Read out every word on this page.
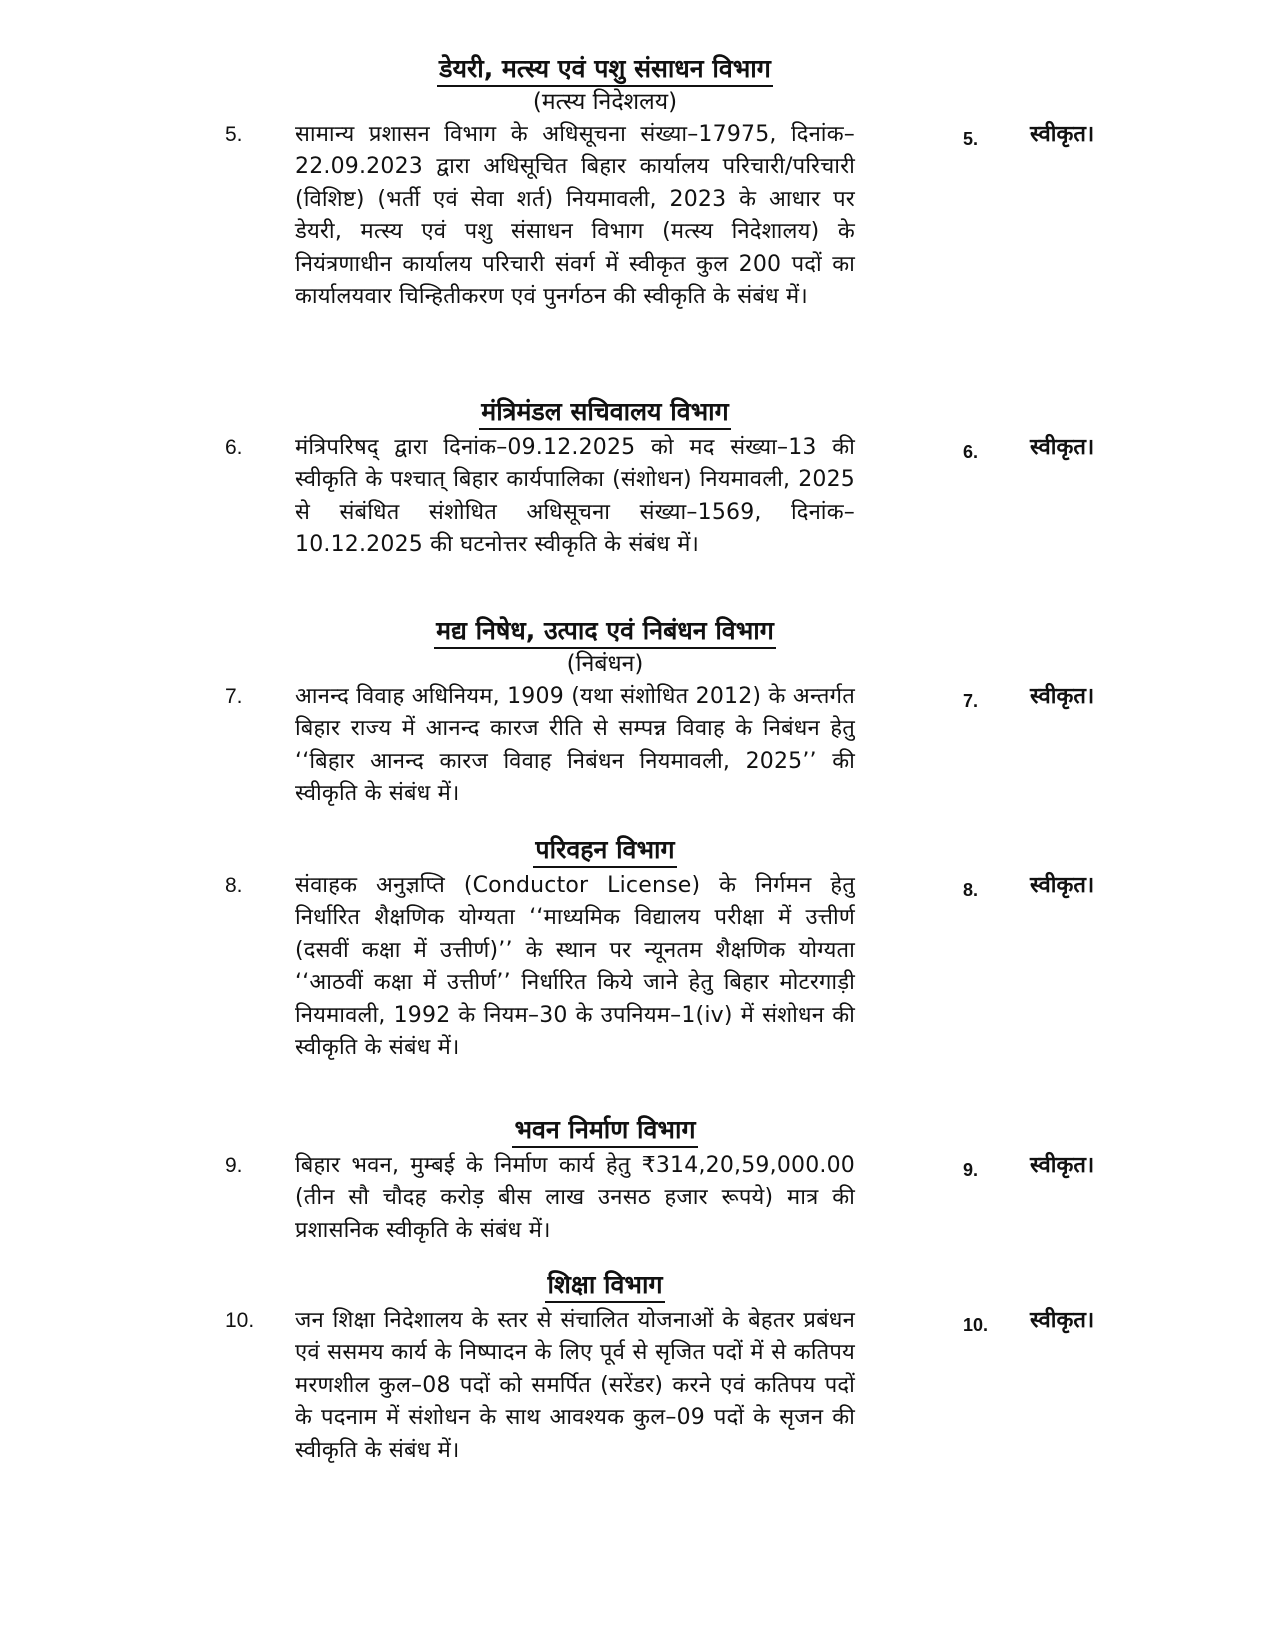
डेयरी, मत्स्य एवं पशु संसाधन विभाग
(मत्स्य निदेशलय)
5.	सामान्य प्रशासन विभाग के अधिसूचना संख्या–17975, दिनांक–22.09.2023 द्वारा अधिसूचित बिहार कार्यालय परिचारी/परिचारी (विशिष्ट) (भर्ती एवं सेवा शर्त) नियमावली, 2023 के आधार पर डेयरी, मत्स्य एवं पशु संसाधन विभाग (मत्स्य निदेशालय) के नियंत्रणाधीन कार्यालय परिचारी संवर्ग में स्वीकृत कुल 200 पदों का कार्यालयवार चिन्हितीकरण एवं पुनर्गठन की स्वीकृति के संबंध में।
5. स्वीकृत।
मंत्रिमंडल सचिवालय विभाग
6.	मंत्रिपरिषद् द्वारा दिनांक–09.12.2025 को मद संख्या–13 की स्वीकृति के पश्चात् बिहार कार्यपालिका (संशोधन) नियमावली, 2025 से संबंधित संशोधित अधिसूचना संख्या–1569, दिनांक–10.12.2025 की घटनोत्तर स्वीकृति के संबंध में।
6. स्वीकृत।
मद्य निषेध, उत्पाद एवं निबंधन विभाग
(निबंधन)
7.	आनन्द विवाह अधिनियम, 1909 (यथा संशोधित 2012) के अन्तर्गत बिहार राज्य में आनन्द कारज रीति से सम्पन्न विवाह के निबंधन हेतु ‘‘बिहार आनन्द कारज विवाह निबंधन नियमावली, 2025’’ की स्वीकृति के संबंध में।
7. स्वीकृत।
परिवहन विभाग
8.	संवाहक अनुज्ञप्ति (Conductor License) के निर्गमन हेतु निर्धारित शैक्षणिक योग्यता ‘‘माध्यमिक विद्यालय परीक्षा में उत्तीर्ण (दसवीं कक्षा में उत्तीर्ण)’’ के स्थान पर न्यूनतम शैक्षणिक योग्यता ‘‘आठवीं कक्षा में उत्तीर्ण’’ निर्धारित किये जाने हेतु बिहार मोटरगाड़ी नियमावली, 1992 के नियम–30 के उपनियम–1(iv) में संशोधन की स्वीकृति के संबंध में।
8. स्वीकृत।
भवन निर्माण विभाग
9.	बिहार भवन, मुम्बई के निर्माण कार्य हेतु ₹314,20,59,000.00 (तीन सौ चौदह करोड़ बीस लाख उनसठ हजार रूपये) मात्र की प्रशासनिक स्वीकृति के संबंध में।
9. स्वीकृत।
शिक्षा विभाग
10.	जन शिक्षा निदेशालय के स्तर से संचालित योजनाओं के बेहतर प्रबंधन एवं ससमय कार्य के निष्पादन के लिए पूर्व से सृजित पदों में से कतिपय मरणशील कुल–08 पदों को समर्पित (सरेंडर) करने एवं कतिपय पदों के पदनाम में संशोधन के साथ आवश्यक कुल–09 पदों के सृजन की स्वीकृति के संबंध में।
10. स्वीकृत।
